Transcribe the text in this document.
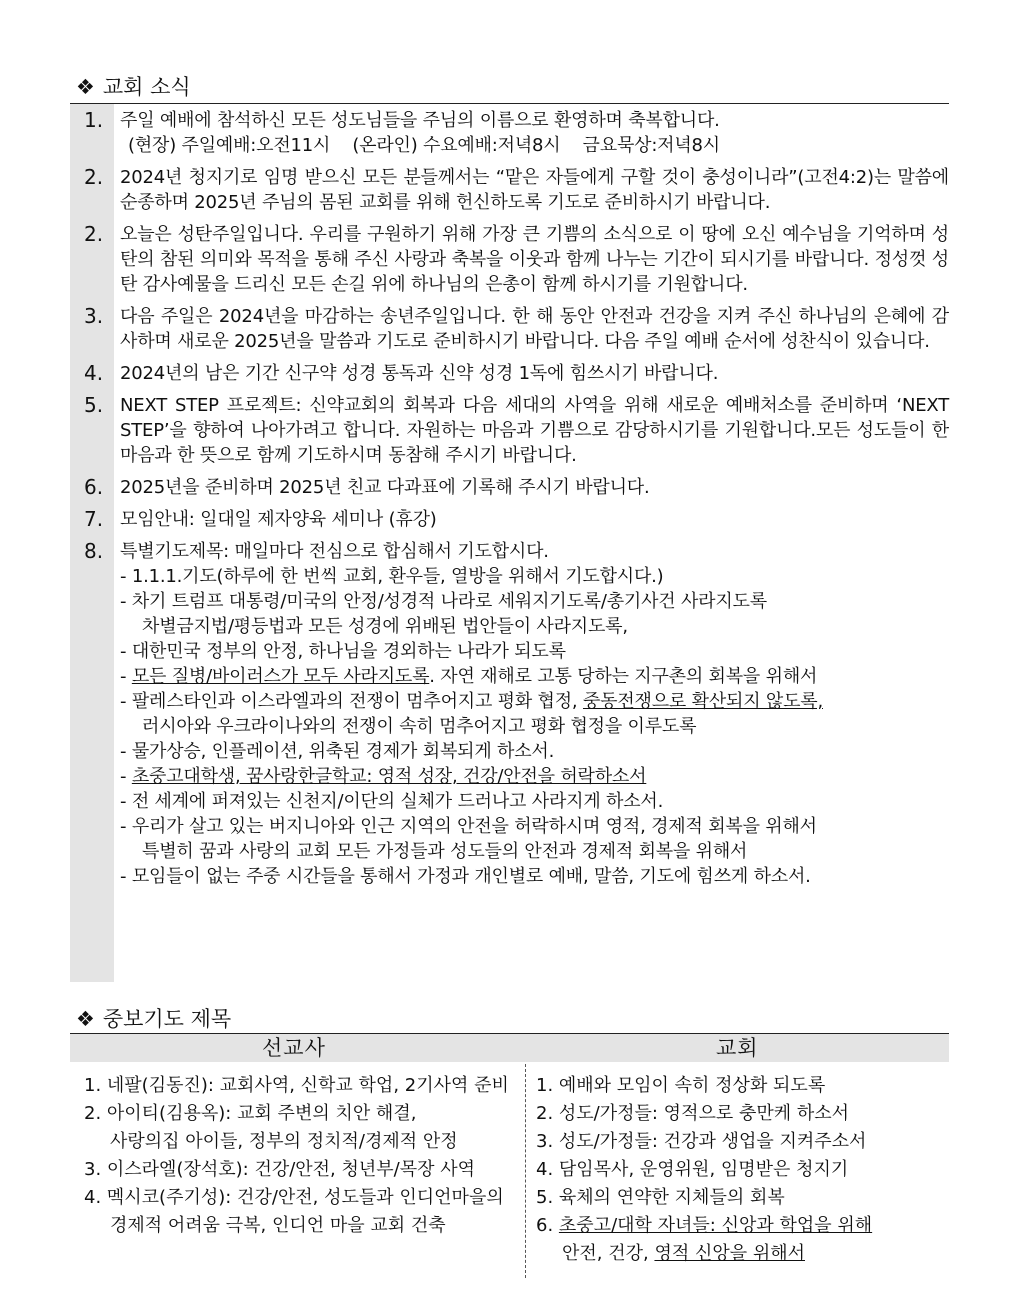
❖ 교회 소식
1. 주일 예배에 참석하신 모든 성도님들을 주님의 이름으로 환영하며 축복합니다.

(현장) 주일예배:오전11시    (온라인) 수요예배:저녁8시    금요묵상:저녁8시

2. 2024년 청지기로 임명 받으신 모든 분들께서는 “맡은 자들에게 구할 것이 충성이니라”(고전4:2)는 말씀에 순종하며 2025년 주님의 몸된 교회를 위해 헌신하도록 기도로 준비하시기 바랍니다.

2. 오늘은 성탄주일입니다. 우리를 구원하기 위해 가장 큰 기쁨의 소식으로 이 땅에 오신 예수님을 기억하며 성탄의 참된 의미와 목적을 통해 주신 사랑과 축복을 이웃과 함께 나누는 기간이 되시기를 바랍니다. 정성껏 성탄 감사예물을 드리신 모든 손길 위에 하나님의 은총이 함께 하시기를 기원합니다.

3. 다음 주일은 2024년을 마감하는 송년주일입니다. 한 해 동안 안전과 건강을 지켜 주신 하나님의 은혜에 감사하며 새로운 2025년을 말씀과 기도로 준비하시기 바랍니다. 다음 주일 예배 순서에 성찬식이 있습니다.

4. 2024년의 남은 기간 신구약 성경 통독과 신약 성경 1독에 힘쓰시기 바랍니다.

5. NEXT STEP 프로젝트: 신약교회의 회복과 다음 세대의 사역을 위해 새로운 예배처소를 준비하며 ‘NEXT STEP’을 향하여 나아가려고 합니다. 자원하는 마음과 기쁨으로 감당하시기를 기원합니다.모든 성도들이 한 마음과 한 뜻으로 함께 기도하시며 동참해 주시기 바랍니다.

6. 2025년을 준비하며 2025년 친교 다과표에 기록해 주시기 바랍니다.

7. 모임안내: 일대일 제자양육 세미나 (휴강)

8. 특별기도제목: 매일마다 전심으로 합심해서 기도합시다.

- 1.1.1.기도(하루에 한 번씩 교회, 환우들, 열방을 위해서 기도합시다.)
- 차기 트럼프 대통령/미국의 안정/성경적 나라로 세워지기도록/총기사건 사라지도록
차별금지법/평등법과 모든 성경에 위배된 법안들이 사라지도록,
- 대한민국 정부의 안정, 하나님을 경외하는 나라가 되도록
- 모든 질병/바이러스가 모두 사라지도록. 자연 재해로 고통 당하는 지구촌의 회복을 위해서
- 팔레스타인과 이스라엘과의 전쟁이 멈추어지고 평화 협정, 중동전쟁으로 확산되지 않도록,
러시아와 우크라이나와의 전쟁이 속히 멈추어지고 평화 협정을 이루도록
- 물가상승, 인플레이션, 위축된 경제가 회복되게 하소서.
- 초중고대학생, 꿈사랑한글학교: 영적 성장, 건강/안전을 허락하소서
- 전 세계에 퍼져있는 신천지/이단의 실체가 드러나고 사라지게 하소서.
- 우리가 살고 있는 버지니아와 인근 지역의 안전을 허락하시며 영적, 경제적 회복을 위해서
특별히 꿈과 사랑의 교회 모든 가정들과 성도들의 안전과 경제적 회복을 위해서
- 모임들이 없는 주중 시간들을 통해서 가정과 개인별로 예배, 말씀, 기도에 힘쓰게 하소서.
❖ 중보기도 제목
선교사	교회
1. 네팔(김동진): 교회사역, 신학교 학업, 2기사역 준비
2. 아이티(김용옥): 교회 주변의 치안 해결,
사랑의집 아이들, 정부의 정치적/경제적 안정
3. 이스라엘(장석호): 건강/안전, 청년부/목장 사역
4. 멕시코(주기성): 건강/안전, 성도들과 인디언마을의
경제적 어려움 극복, 인디언 마을 교회 건축
1. 예배와 모임이 속히 정상화 되도록
2. 성도/가정들: 영적으로 충만케 하소서
3. 성도/가정들: 건강과 생업을 지켜주소서
4. 담임목사, 운영위원, 임명받은 청지기
5. 육체의 연약한 지체들의 회복
6. 초중고/대학 자녀들: 신앙과 학업을 위해
안전, 건강, 영적 신앙을 위해서
